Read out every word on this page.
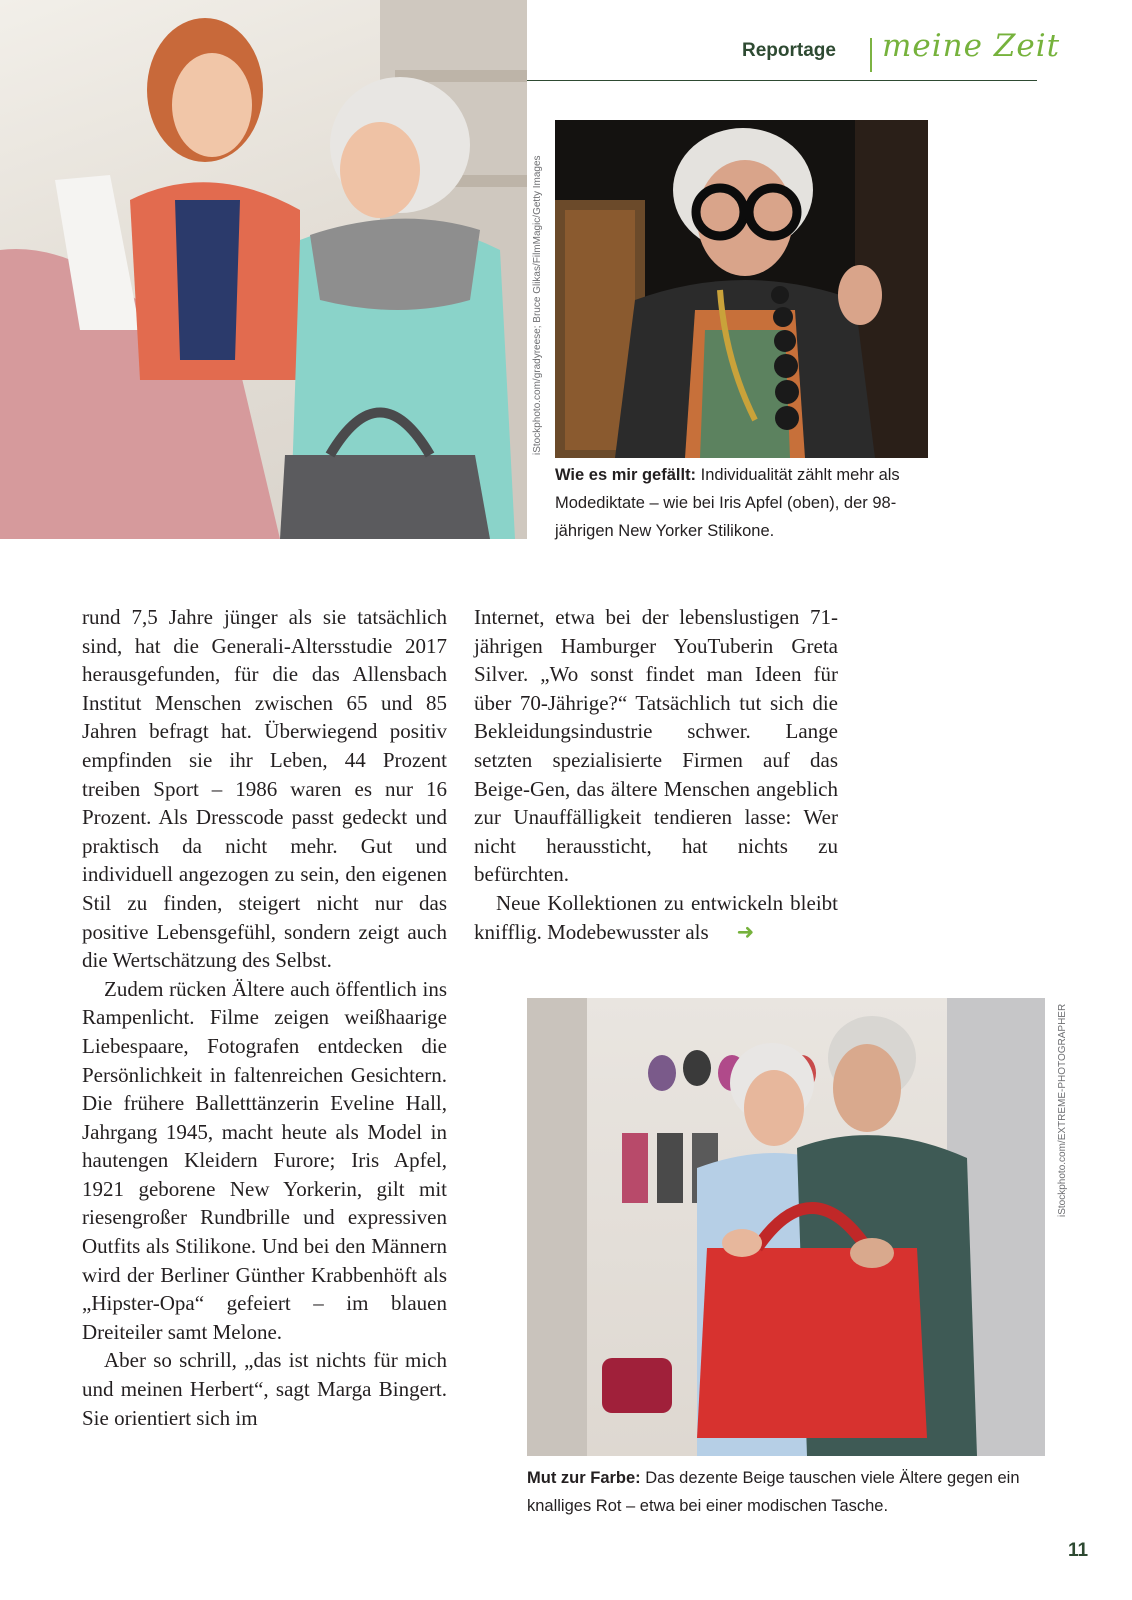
Reportage meine Zeit
iStockphoto.com/gradyreese; Bruce Glikas/FilmMagic/Getty Images
iStockphoto.com/EXTREME-PHOTOGRAPHER
Wie es mir gefällt: Individualität zählt mehr als Modediktate – wie bei Iris Apfel (oben), der 98-jährigen New Yorker Stilikone.
Mut zur Farbe: Das dezente Beige tauschen viele Ältere gegen ein knalliges Rot – etwa bei einer modischen Tasche.

rund 7,5 Jahre jünger als sie tatsächlich sind, hat die Generali-Altersstudie 2017 herausgefunden, für die das Allensbach Institut Menschen zwischen 65 und 85 Jahren befragt hat. Überwiegend positiv empfinden sie ihr Leben, 44 Prozent treiben Sport – 1986 waren es nur 16 Prozent. Als Dresscode passt gedeckt und praktisch da nicht mehr. Gut und individuell angezogen zu sein, den eigenen Stil zu finden, steigert nicht nur das positive Lebensgefühl, sondern zeigt auch die Wertschätzung des Selbst.

Zudem rücken Ältere auch öffentlich ins Rampenlicht. Filme zeigen weißhaarige Liebespaare, Fotografen entdecken die Persönlichkeit in faltenreichen Gesichtern. Die frühere Balletttänzerin Eveline Hall, Jahrgang 1945, macht heute als Model in hautengen Kleidern Furore; Iris Apfel, 1921 geborene New Yorkerin, gilt mit riesengroßer Rundbrille und expressiven Outfits als Stilikone. Und bei den Männern wird der Berliner Günther Krabbenhöft als „Hipster-Opa“ gefeiert – im blauen Dreiteiler samt Melone.

Aber so schrill, „das ist nichts für mich und meinen Herbert“, sagt Marga Bingert. Sie orientiert sich im

Internet, etwa bei der lebenslustigen 71-jährigen Hamburger YouTuberin Greta Silver. „Wo sonst findet man Ideen für über 70-Jährige?“ Tatsächlich tut sich die Bekleidungsindustrie schwer. Lange setzten spezialisierte Firmen auf das Beige-Gen, das ältere Menschen angeblich zur Unauffälligkeit tendieren lasse: Wer nicht heraussticht, hat nichts zu befürchten.

Neue Kollektionen zu entwickeln bleibt knifflig. Modebewusster als ➜

11
